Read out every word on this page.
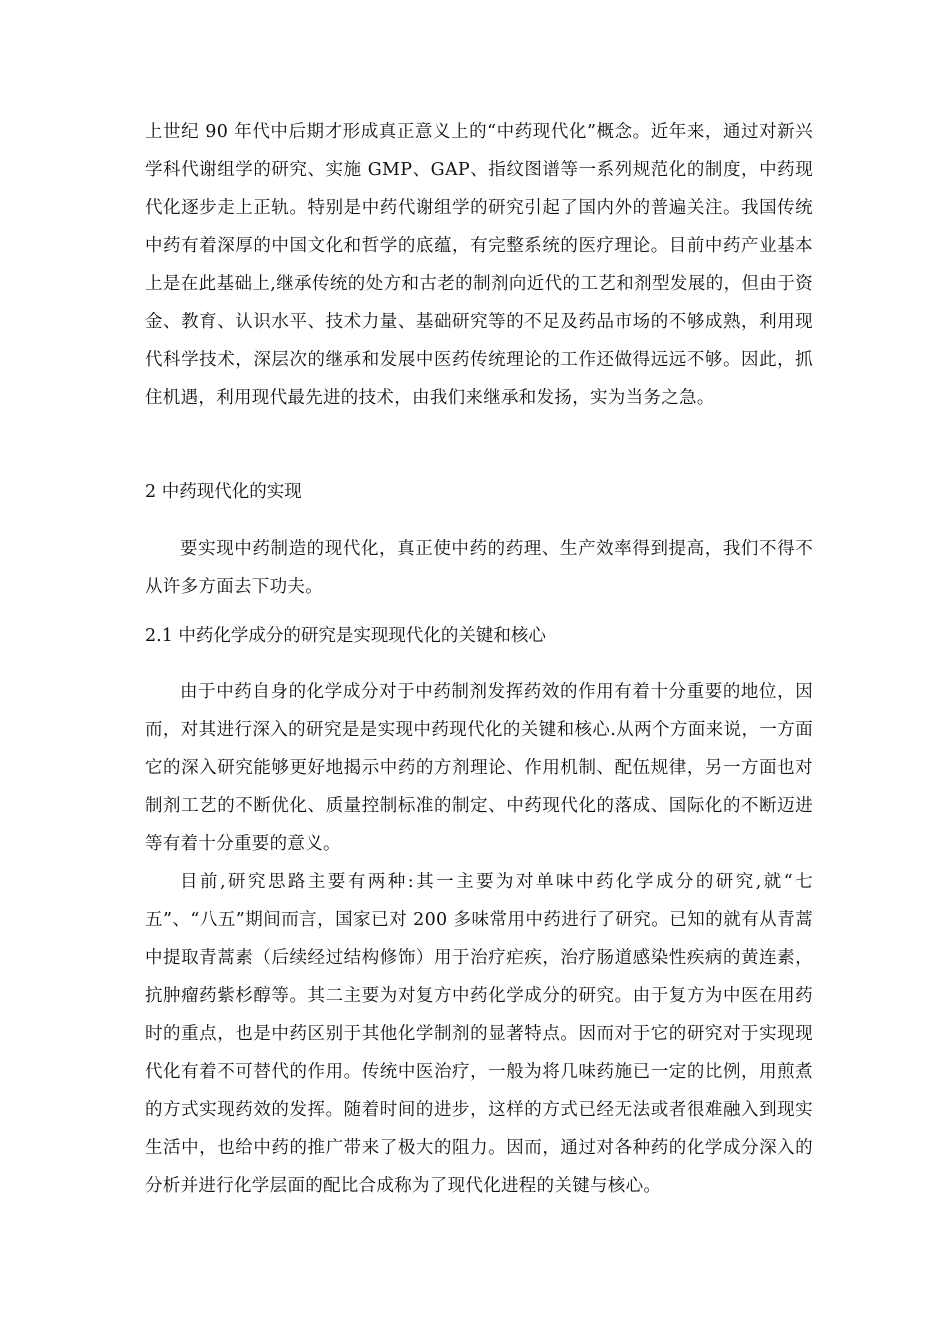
上世纪 90 年代中后期才形成真正意义上的“中药现代化”概念。近年来，通过对新兴学科代谢组学的研究、实施 GMP、GAP、指纹图谱等一系列规范化的制度，中药现代化逐步走上正轨。特别是中药代谢组学的研究引起了国内外的普遍关注。我国传统中药有着深厚的中国文化和哲学的底蕴，有完整系统的医疗理论。目前中药产业基本上是在此基础上,继承传统的处方和古老的制剂向近代的工艺和剂型发展的，但由于资金、教育、认识水平、技术力量、基础研究等的不足及药品市场的不够成熟，利用现代科学技术，深层次的继承和发展中医药传统理论的工作还做得远远不够。因此，抓住机遇，利用现代最先进的技术，由我们来继承和发扬，实为当务之急。

2 中药现代化的实现

要实现中药制造的现代化，真正使中药的药理、生产效率得到提高，我们不得不从许多方面去下功夫。

2.1 中药化学成分的研究是实现现代化的关键和核心

由于中药自身的化学成分对于中药制剂发挥药效的作用有着十分重要的地位，因而，对其进行深入的研究是是实现中药现代化的关键和核心.从两个方面来说，一方面它的深入研究能够更好地揭示中药的方剂理论、作用机制、配伍规律，另一方面也对制剂工艺的不断优化、质量控制标准的制定、中药现代化的落成、国际化的不断迈进等有着十分重要的意义。

目前,研究思路主要有两种:其一主要为对单味中药化学成分的研究,就“七五”、“八五”期间而言，国家已对 200 多味常用中药进行了研究。已知的就有从青蒿中提取青蒿素（后续经过结构修饰）用于治疗疟疾，治疗肠道感染性疾病的黄连素，抗肿瘤药紫杉醇等。其二主要为对复方中药化学成分的研究。由于复方为中医在用药时的重点，也是中药区别于其他化学制剂的显著特点。因而对于它的研究对于实现现代化有着不可替代的作用。传统中医治疗，一般为将几味药施已一定的比例，用煎煮的方式实现药效的发挥。随着时间的进步，这样的方式已经无法或者很难融入到现实生活中，也给中药的推广带来了极大的阻力。因而，通过对各种药的化学成分深入的分析并进行化学层面的配比合成称为了现代化进程的关键与核心。
